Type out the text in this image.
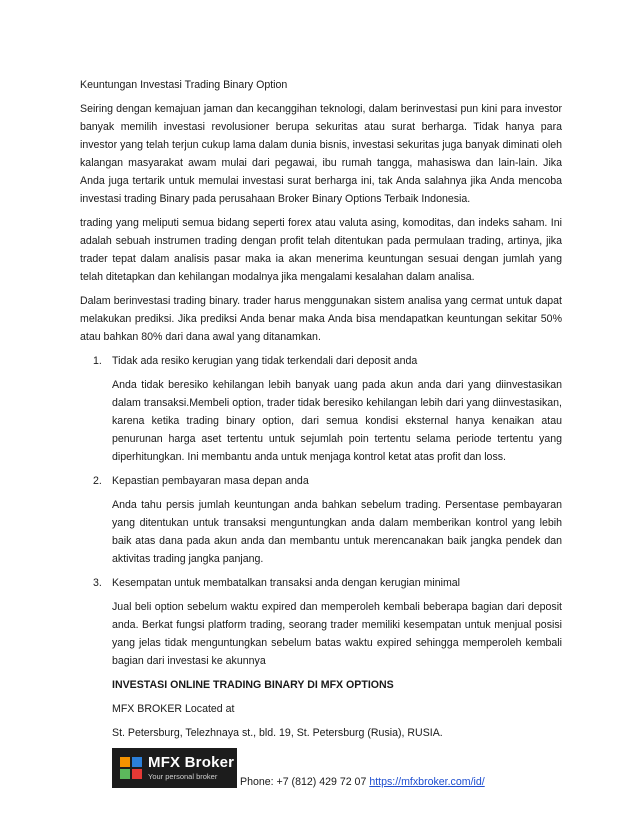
Keuntungan Investasi Trading Binary Option

Seiring dengan kemajuan jaman dan kecanggihan teknologi, dalam berinvestasi pun kini para investor banyak memilih investasi revolusioner berupa sekuritas atau surat berharga. Tidak hanya para investor yang telah terjun cukup lama dalam dunia bisnis, investasi sekuritas juga banyak diminati oleh kalangan masyarakat awam mulai dari pegawai, ibu rumah tangga, mahasiswa dan lain-lain. Jika Anda juga tertarik untuk memulai investasi surat berharga ini, tak Anda salahnya jika Anda mencoba investasi trading Binary pada perusahaan Broker Binary Options Terbaik Indonesia.

trading yang meliputi semua bidang seperti forex atau valuta asing, komoditas, dan indeks saham. Ini adalah sebuah instrumen trading dengan profit telah ditentukan pada permulaan trading, artinya, jika trader tepat dalam analisis pasar maka ia akan menerima keuntungan sesuai dengan jumlah yang telah ditetapkan dan kehilangan modalnya jika mengalami kesalahan dalam analisa.

Dalam berinvestasi trading binary. trader harus menggunakan sistem analisa yang cermat untuk dapat melakukan prediksi. Jika prediksi Anda benar maka Anda bisa mendapatkan keuntungan sekitar 50% atau bahkan 80% dari dana awal yang ditanamkan.

1. Tidak ada resiko kerugian yang tidak terkendali dari deposit anda

Anda tidak beresiko kehilangan lebih banyak uang pada akun anda dari yang diinvestasikan dalam transaksi.Membeli option, trader tidak beresiko kehilangan lebih dari yang diinvestasikan, karena ketika trading binary option, dari semua kondisi eksternal hanya kenaikan atau penurunan harga aset tertentu untuk sejumlah poin tertentu selama periode tertentu yang diperhitungkan. Ini membantu anda untuk menjaga kontrol ketat atas profit dan loss.

2. Kepastian pembayaran masa depan anda

Anda tahu persis jumlah keuntungan anda bahkan sebelum trading. Persentase pembayaran yang ditentukan untuk transaksi menguntungkan anda dalam memberikan kontrol yang lebih baik atas dana pada akun anda dan membantu untuk merencanakan baik jangka pendek dan aktivitas trading jangka panjang.

3. Kesempatan untuk membatalkan transaksi anda dengan kerugian minimal

Jual beli option sebelum waktu expired dan memperoleh kembali beberapa bagian dari deposit anda. Berkat fungsi platform trading, seorang trader memiliki kesempatan untuk menjual posisi yang jelas tidak menguntungkan sebelum batas waktu expired sehingga memperoleh kembali bagian dari investasi ke akunnya

INVESTASI ONLINE TRADING BINARY DI MFX OPTIONS

MFX BROKER Located at

St. Petersburg, Telezhnaya st., bld. 19, St. Petersburg (Rusia), RUSIA.

MFX Broker
Your personal broker	Phone: +7 (812) 429 72 07 https://mfxbroker.com/id/
